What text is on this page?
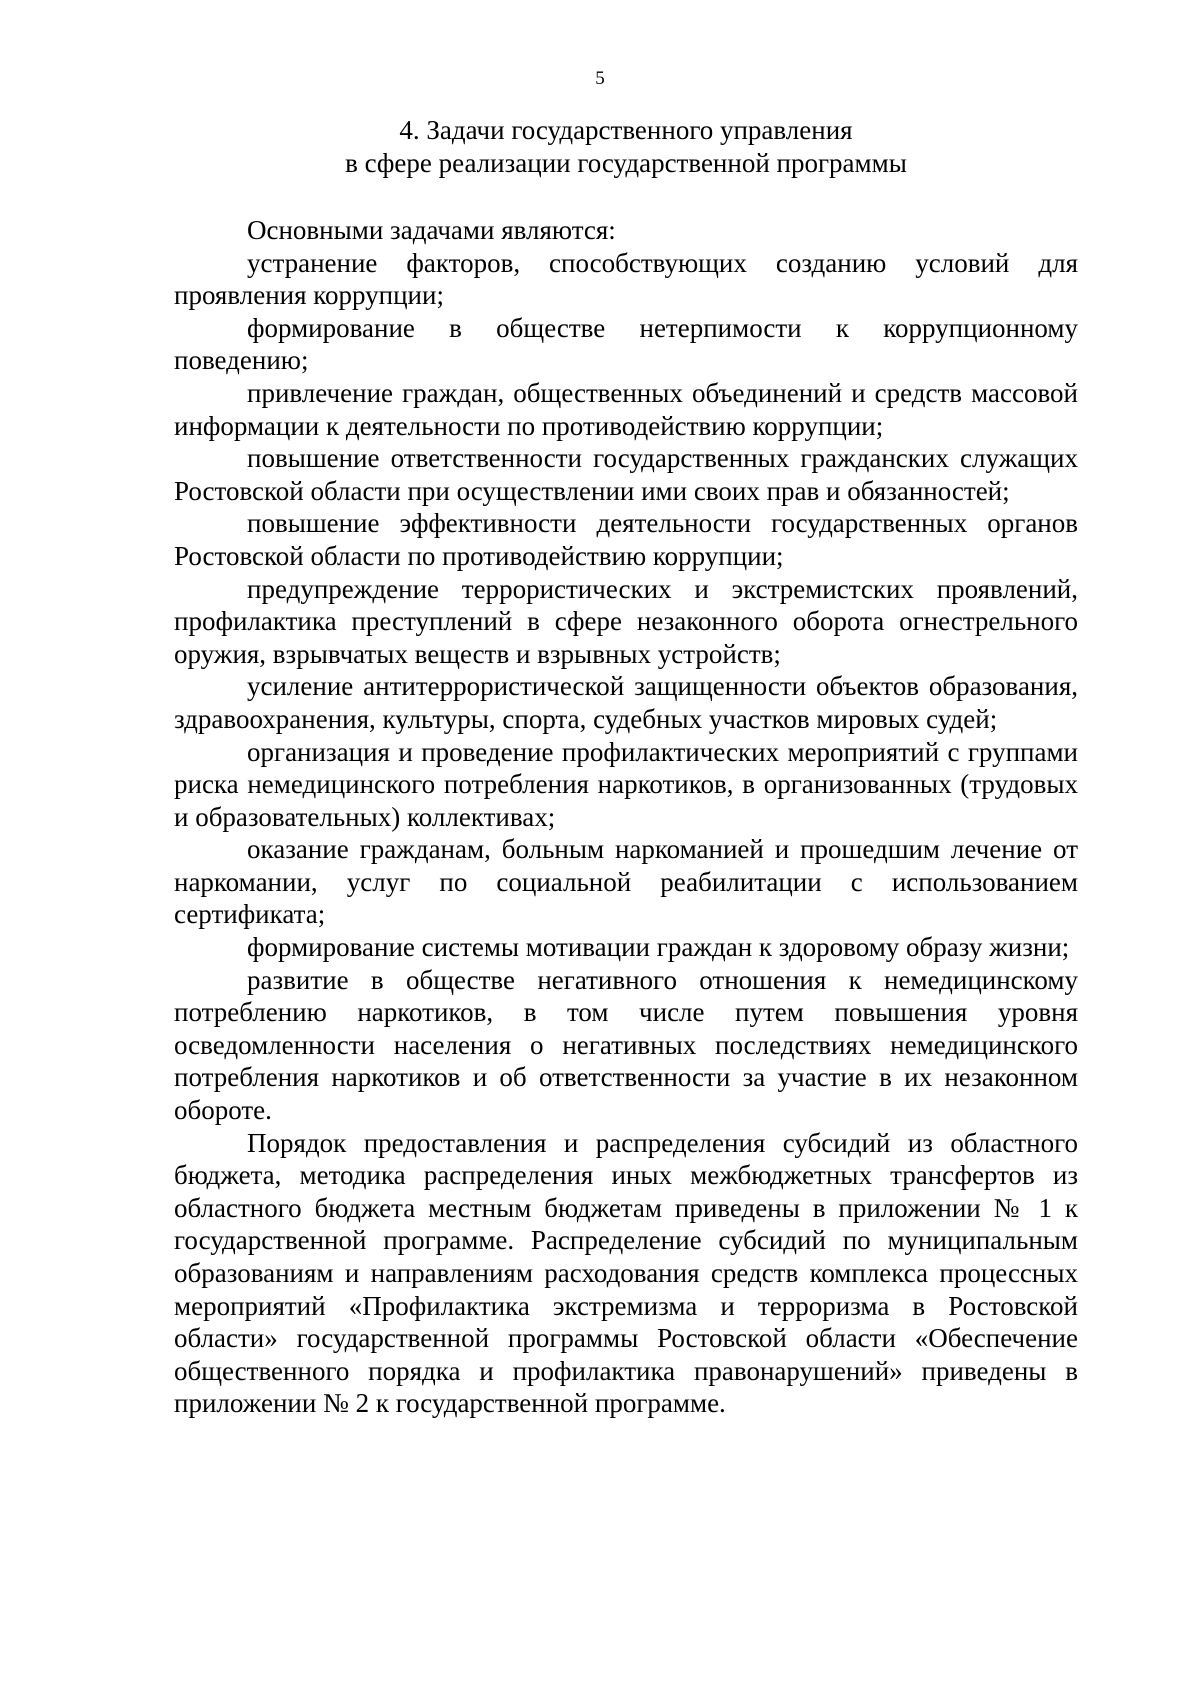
5
4. Задачи государственного управления
в сфере реализации государственной программы

Основными задачами являются:

устранение факторов, способствующих созданию условий для проявления коррупции;

формирование в обществе нетерпимости к коррупционному поведению;

привлечение граждан, общественных объединений и средств массовой информации к деятельности по противодействию коррупции;

повышение ответственности государственных гражданских служащих Ростовской области при осуществлении ими своих прав и обязанностей;

повышение эффективности деятельности государственных органов Ростовской области по противодействию коррупции;

предупреждение террористических и экстремистских проявлений, профилактика преступлений в сфере незаконного оборота огнестрельного оружия, взрывчатых веществ и взрывных устройств;

усиление антитеррористической защищенности объектов образования, здравоохранения, культуры, спорта, судебных участков мировых судей;

организация и проведение профилактических мероприятий с группами риска немедицинского потребления наркотиков, в организованных (трудовых и образовательных) коллективах;

оказание гражданам, больным наркоманией и прошедшим лечение от наркомании, услуг по социальной реабилитации с использованием сертификата;

формирование системы мотивации граждан к здоровому образу жизни;

развитие в обществе негативного отношения к немедицинскому потреблению наркотиков, в том числе путем повышения уровня осведомленности населения о негативных последствиях немедицинского потребления наркотиков и об ответственности за участие в их незаконном обороте.

Порядок предоставления и распределения субсидий из областного бюджета, методика распределения иных межбюджетных трансфертов из областного бюджета местным бюджетам приведены в приложении № 1 к государственной программе. Распределение субсидий по муниципальным образованиям и направлениям расходования средств комплекса процессных мероприятий «Профилактика экстремизма и терроризма в Ростовской области» государственной программы Ростовской области «Обеспечение общественного порядка и профилактика правонарушений» приведены в приложении № 2 к государственной программе.
